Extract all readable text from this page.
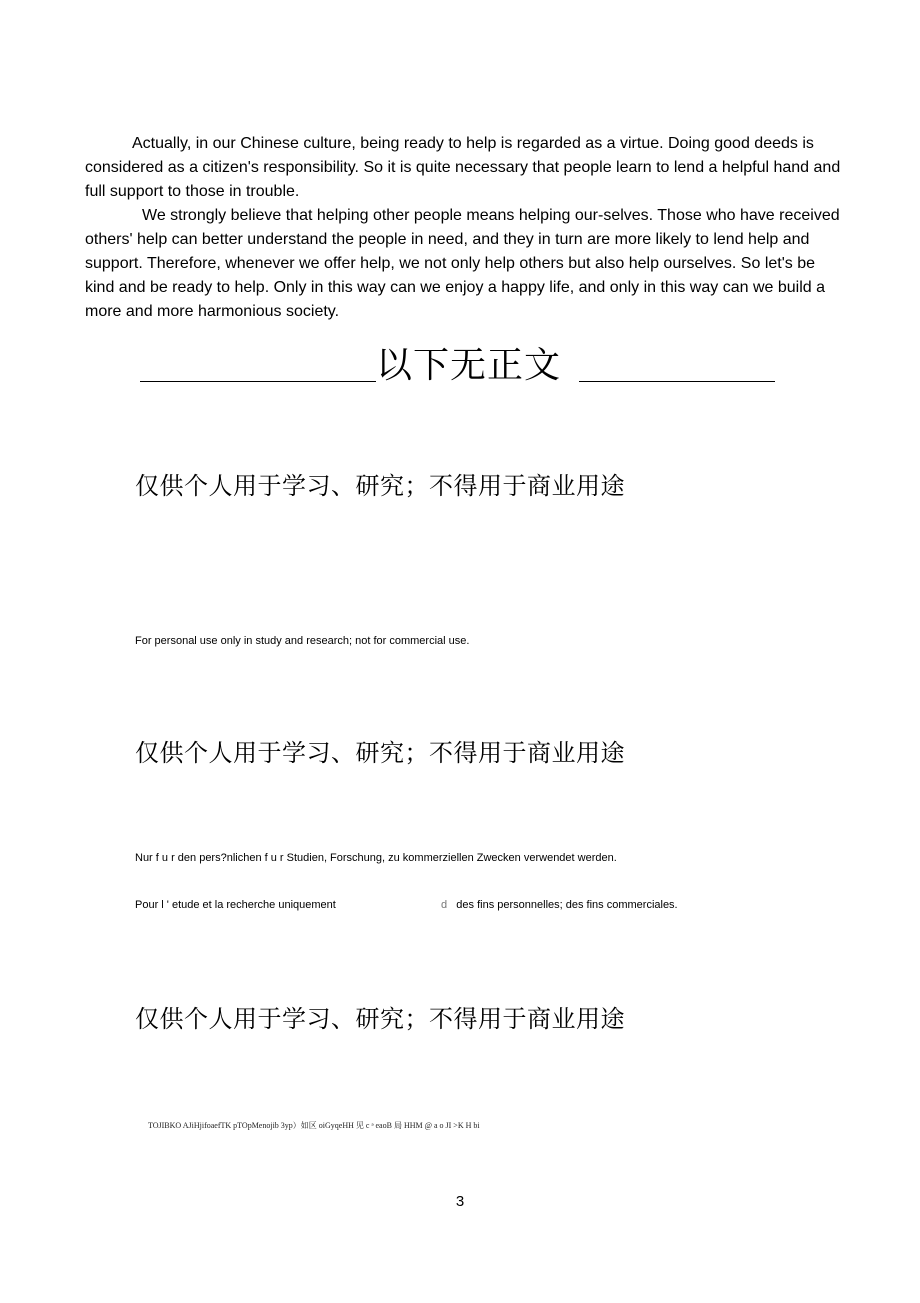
Actually, in our Chinese culture, being ready to help is regarded as a virtue. Doing good deeds is considered as a citizen's responsibility. So it is quite necessary that people learn to lend a helpful hand and full support to those in trouble.

We strongly believe that helping other people means helping our-selves. Those who have received others' help can better understand the people in need, and they in turn are more likely to lend help and support. Therefore, whenever we offer help, we not only help others but also help ourselves. So let's be kind and be ready to help. Only in this way can we enjoy a happy life, and only in this way can we build a more and more harmonious society.

以下无正文
仅供个人用于学习、研究；不得用于商业用途
For personal use only in study and research; not for commercial use.
仅供个人用于学习、研究；不得用于商业用途
Nur f u r den pers?nlichen f u r Studien, Forschung, zu kommerziellen Zwecken verwendet werden.
Pour l ' etude et la recherche uniquement	d des fins personnelles; des fins commerciales.
仅供个人用于学习、研究；不得用于商业用途
TOJIBKO AJiHjifoaefTK pTOpMenojib 3yp）如区 oiGyqeHH 见 c ᵊ eaoB 局 HHM @ a o JI >K H bi
3
